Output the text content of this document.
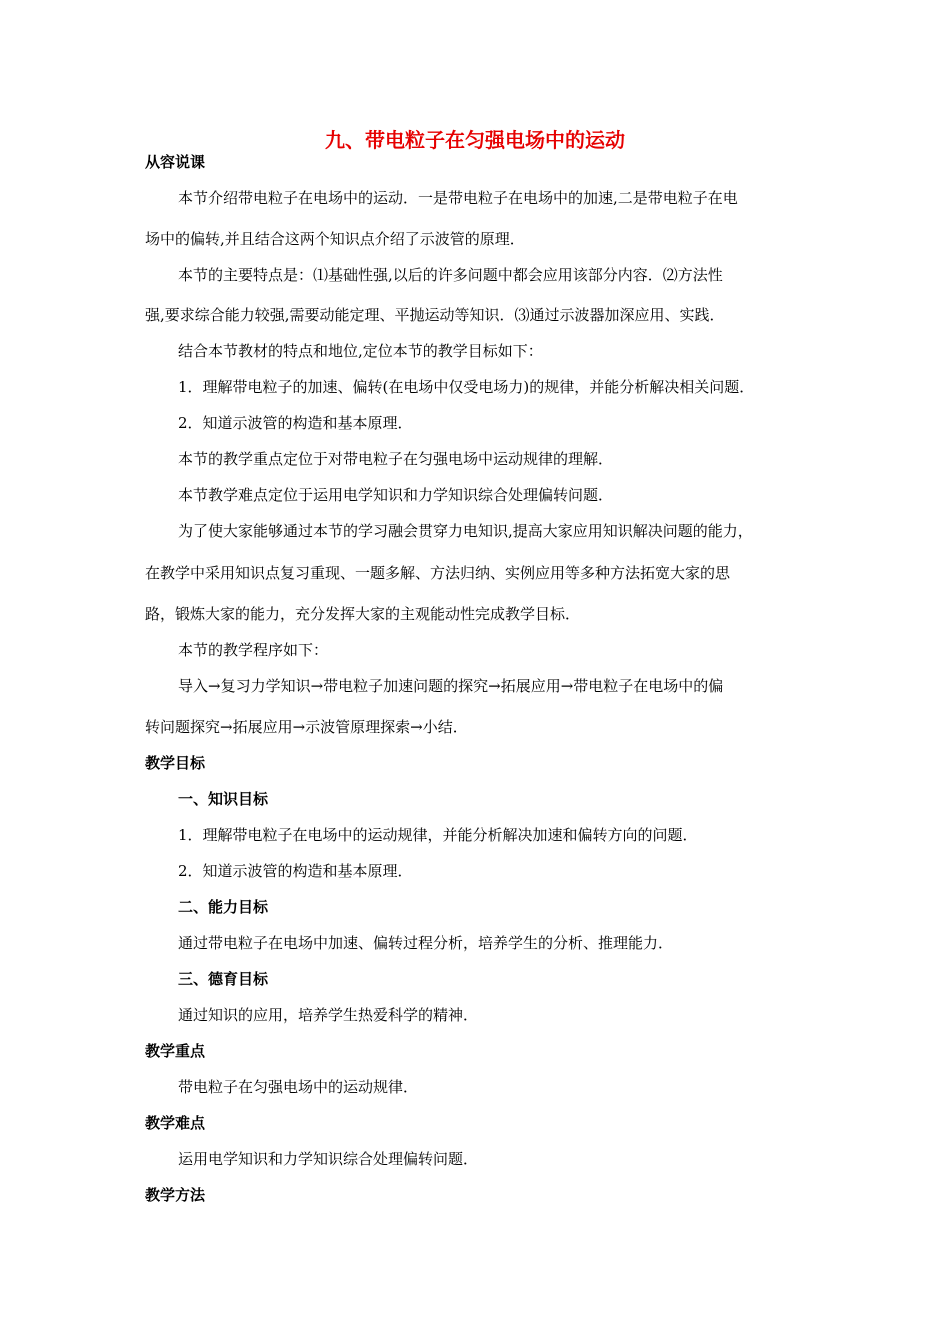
九、带电粒子在匀强电场中的运动
从容说课
本节介绍带电粒子在电场中的运动．一是带电粒子在电场中的加速,二是带电粒子在电
场中的偏转,并且结合这两个知识点介绍了示波管的原理．
本节的主要特点是：⑴基础性强,以后的许多问题中都会应用该部分内容．⑵方法性
强,要求综合能力较强,需要动能定理、平抛运动等知识．⑶通过示波器加深应用、实践．
结合本节教材的特点和地位,定位本节的教学目标如下：
1．理解带电粒子的加速、偏转(在电场中仅受电场力)的规律，并能分析解决相关问题．
2．知道示波管的构造和基本原理．
本节的教学重点定位于对带电粒子在匀强电场中运动规律的理解．
本节教学难点定位于运用电学知识和力学知识综合处理偏转问题．
为了使大家能够通过本节的学习融会贯穿力电知识,提高大家应用知识解决问题的能力，
在教学中采用知识点复习重现、一题多解、方法归纳、实例应用等多种方法拓宽大家的思
路，锻炼大家的能力，充分发挥大家的主观能动性完成教学目标．
本节的教学程序如下：
导入→复习力学知识→带电粒子加速问题的探究→拓展应用→带电粒子在电场中的偏
转问题探究→拓展应用→示波管原理探索→小结．
教学目标
一、知识目标
1．理解带电粒子在电场中的运动规律，并能分析解决加速和偏转方向的问题．
2．知道示波管的构造和基本原理．
二、能力目标
通过带电粒子在电场中加速、偏转过程分析，培养学生的分析、推理能力．
三、德育目标
通过知识的应用，培养学生热爱科学的精神．
教学重点
带电粒子在匀强电场中的运动规律．
教学难点
运用电学知识和力学知识综合处理偏转问题．
教学方法
